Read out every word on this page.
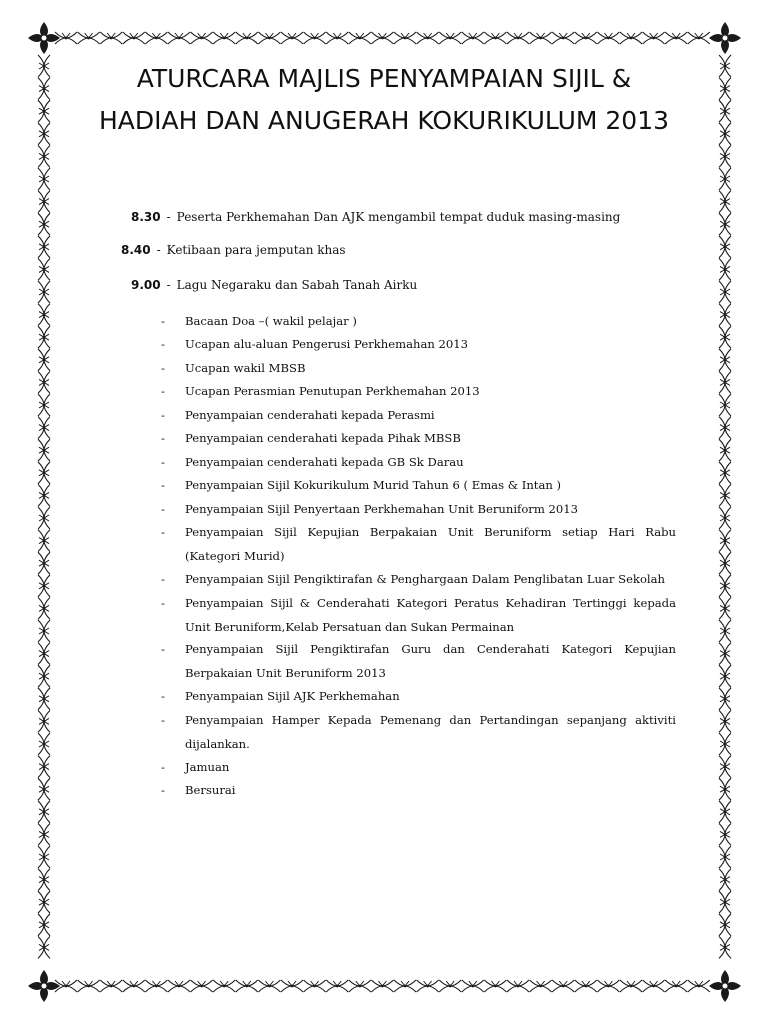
ATURCARA MAJLIS PENYAMPAIAN SIJIL &
HADIAH DAN ANUGERAH KOKURIKULUM 2013
8.30 - Peserta Perkhemahan Dan AJK mengambil tempat duduk masing-masing
8.40 - Ketibaan para jemputan khas
9.00 - Lagu Negaraku dan Sabah Tanah Airku
- Bacaan Doa –( wakil pelajar )
- Ucapan alu-aluan Pengerusi Perkhemahan 2013
- Ucapan wakil MBSB
- Ucapan Perasmian Penutupan Perkhemahan 2013
- Penyampaian cenderahati kepada Perasmi
- Penyampaian cenderahati kepada Pihak MBSB
- Penyampaian cenderahati kepada GB Sk Darau
- Penyampaian Sijil Kokurikulum Murid Tahun 6 ( Emas & Intan )
- Penyampaian Sijil Penyertaan Perkhemahan Unit Beruniform 2013
- Penyampaian Sijil Kepujian Berpakaian Unit Beruniform setiap Hari Rabu (Kategori Murid)
- Penyampaian Sijil Pengiktirafan & Penghargaan Dalam Penglibatan Luar Sekolah
- Penyampaian Sijil & Cenderahati Kategori Peratus Kehadiran Tertinggi kepada Unit Beruniform,Kelab Persatuan dan Sukan Permainan
- Penyampaian Sijil Pengiktirafan Guru dan Cenderahati Kategori Kepujian Berpakaian Unit Beruniform 2013
- Penyampaian Sijil AJK Perkhemahan
- Penyampaian Hamper Kepada Pemenang dan Pertandingan sepanjang aktiviti dijalankan.
- Jamuan
- Bersurai
